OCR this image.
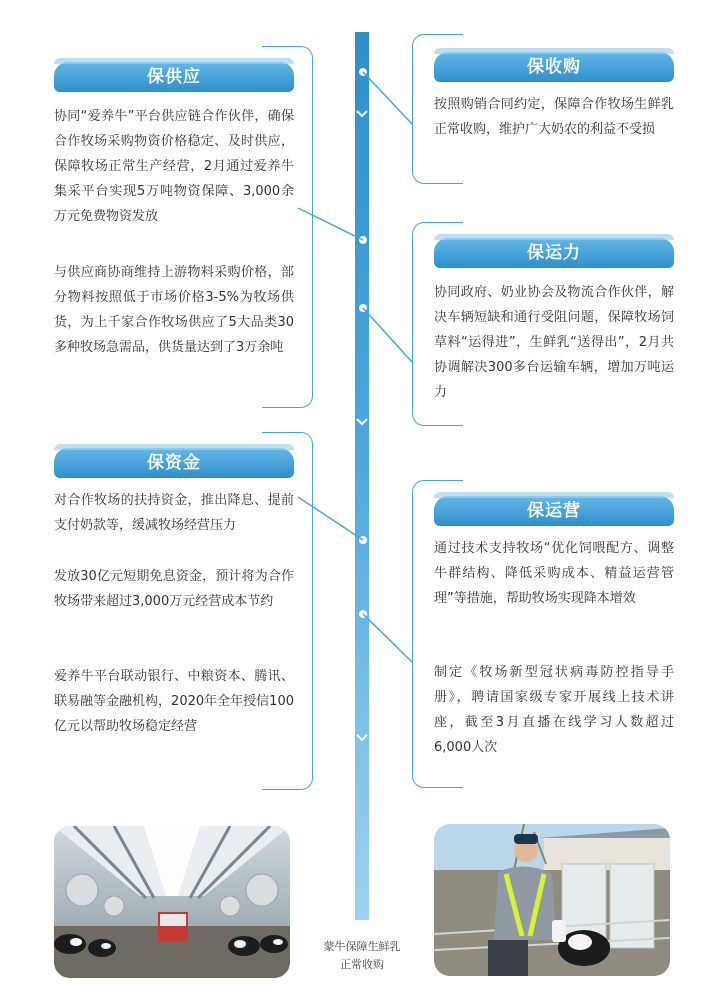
保供应

协同“爱养牛”平台供应链合作伙伴，确保合作牧场采购物资价格稳定、及时供应，保障牧场正常生产经营，2月通过爱养牛集采平台实现5万吨物资保障、3,000余万元免费物资发放

与供应商协商维持上游物料采购价格，部分物料按照低于市场价格3-5%为牧场供货，为上千家合作牧场供应了5大品类30多种牧场急需品，供货量达到了3万余吨

保收购

按照购销合同约定，保障合作牧场生鲜乳正常收购，维护广大奶农的利益不受损

保运力

协同政府、奶业协会及物流合作伙伴，解决车辆短缺和通行受阻问题，保障牧场饲草料“运得进”，生鲜乳“送得出”，2月共协调解决300多台运输车辆，增加万吨运力

保资金

对合作牧场的扶持资金，推出降息、提前支付奶款等，缓减牧场经营压力

发放30亿元短期免息资金，预计将为合作牧场带来超过3,000万元经营成本节约

爱养牛平台联动银行、中粮资本、腾讯、联易融等金融机构，2020年全年授信100亿元以帮助牧场稳定经营

保运营

通过技术支持牧场“优化饲喂配方、调整牛群结构、降低采购成本、精益运营管理”等措施，帮助牧场实现降本增效

制定《牧场新型冠状病毒防控指导手册》，聘请国家级专家开展线上技术讲座，截至3月直播在线学习人数超过6,000人次

蒙牛保障生鲜乳
正常收购
